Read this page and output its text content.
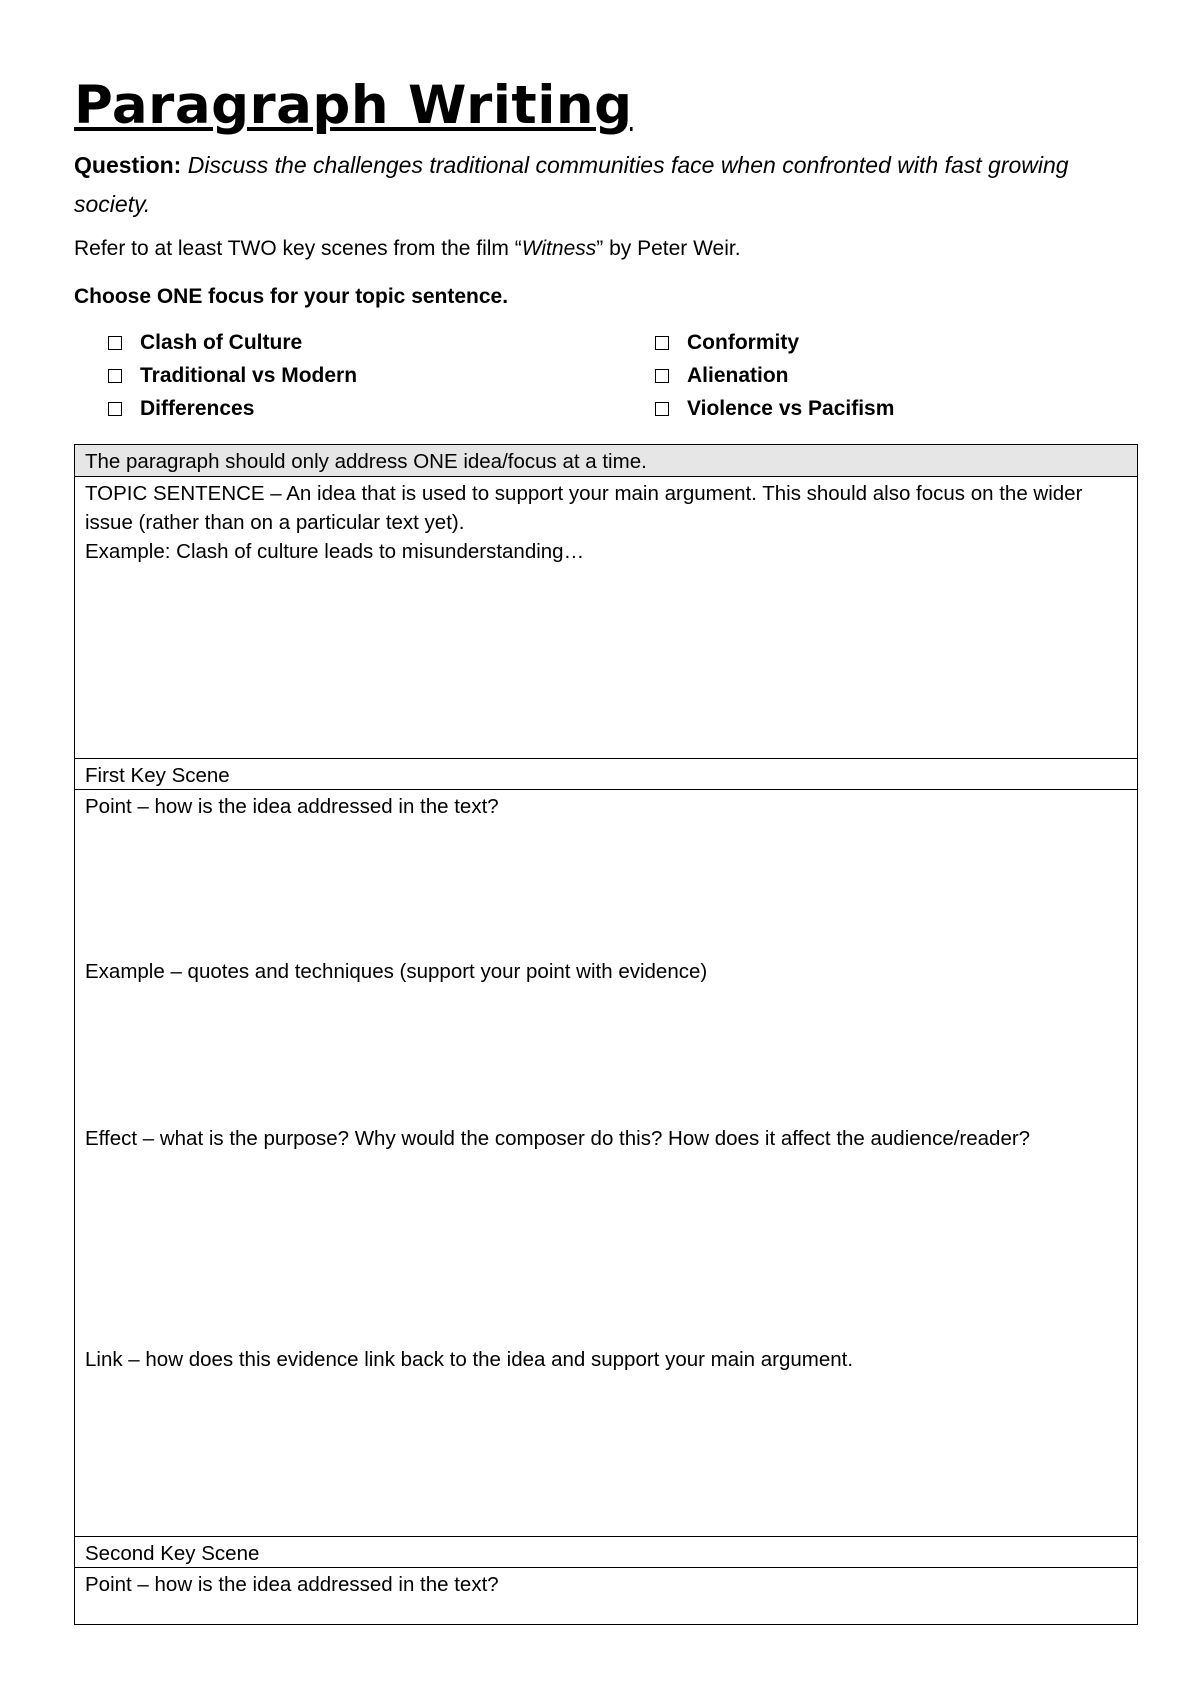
Paragraph Writing
Question: Discuss the challenges traditional communities face when confronted with fast growing society.
Refer to at least TWO key scenes from the film “Witness” by Peter Weir.
Choose ONE focus for your topic sentence.
Clash of Culture
Traditional vs Modern
Differences
Conformity
Alienation
Violence vs Pacifism
The paragraph should only address ONE idea/focus at a time.
TOPIC SENTENCE – An idea that is used to support your main argument. This should also focus on the wider issue (rather than on a particular text yet).
Example: Clash of culture leads to misunderstanding…
First Key Scene
Point – how is the idea addressed in the text?
Example – quotes and techniques (support your point with evidence)
Effect – what is the purpose? Why would the composer do this? How does it affect the audience/reader?
Link – how does this evidence link back to the idea and support your main argument.
Second Key Scene
Point – how is the idea addressed in the text?
